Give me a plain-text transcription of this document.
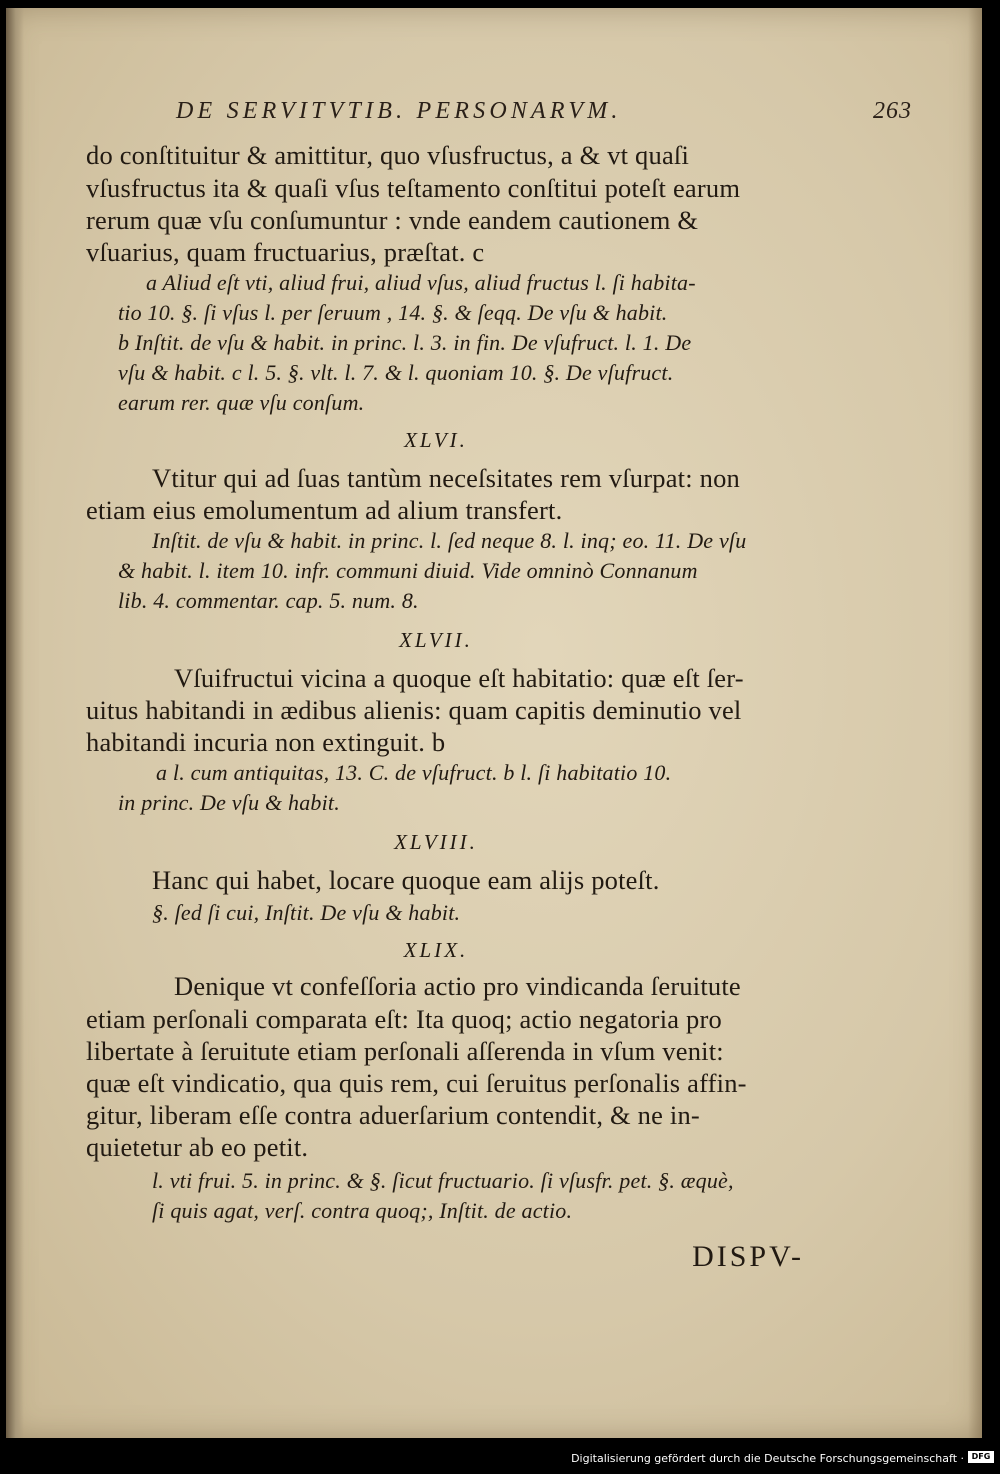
DE SERVITVTIB. PERSONARVM.	263
do conſtituitur & amittitur, quo vſusfructus, a & vt quaſi
vſusfructus ita & quaſi vſus teſtamento conſtitui poteſt earum
rerum quæ vſu conſumuntur : vnde eandem cautionem &
vſuarius, quam fructuarius, præſtat. c
a Aliud eſt vti, aliud frui, aliud vſus, aliud fructus l. ſi habita-
tio 10. §. ſi vſus l. per ſeruum , 14. §. & ſeqq. De vſu & habit.
b Inſtit. de vſu & habit. in princ. l. 3. in fin. De vſufruct. l. 1. De
vſu & habit. c l. 5. §. vlt. l. 7. & l. quoniam 10. §. De vſufruct.
earum rer. quæ vſu conſum.
XLVI.
Vtitur qui ad ſuas tantùm neceſsitates rem vſurpat: non
etiam eius emolumentum ad alium transfert.
Inſtit. de vſu & habit. in princ. l. ſed neque 8. l. inq; eo. 11. De vſu
& habit. l. item 10. infr. communi diuid. Vide omninò Connanum
lib. 4. commentar. cap. 5. num. 8.
XLVII.
Vſuifructui vicina a quoque eſt habitatio: quæ eſt ſer-
uitus habitandi in ædibus alienis: quam capitis deminutio vel
habitandi incuria non extinguit. b
a l. cum antiquitas, 13. C. de vſufruct. b l. ſi habitatio 10.
in princ. De vſu & habit.
XLVIII.
Hanc qui habet, locare quoque eam alijs poteſt.
§. ſed ſi cui, Inſtit. De vſu & habit.
XLIX.
Denique vt confeſſoria actio pro vindicanda ſeruitute
etiam perſonali comparata eſt: Ita quoq; actio negatoria pro
libertate à ſeruitute etiam perſonali aſſerenda in vſum venit:
quæ eſt vindicatio, qua quis rem, cui ſeruitus perſonalis affin-
gitur, liberam eſſe contra aduerſarium contendit, & ne in-
quietetur ab eo petit.
l. vti frui. 5. in princ. & §. ſicut fructuario. ſi vſusfr. pet. §. æquè,
ſi quis agat, verſ. contra quoq;, Inſtit. de actio.
DISPV-
Digitalisierung gefördert durch die Deutsche Forschungsgemeinschaft · DFG
